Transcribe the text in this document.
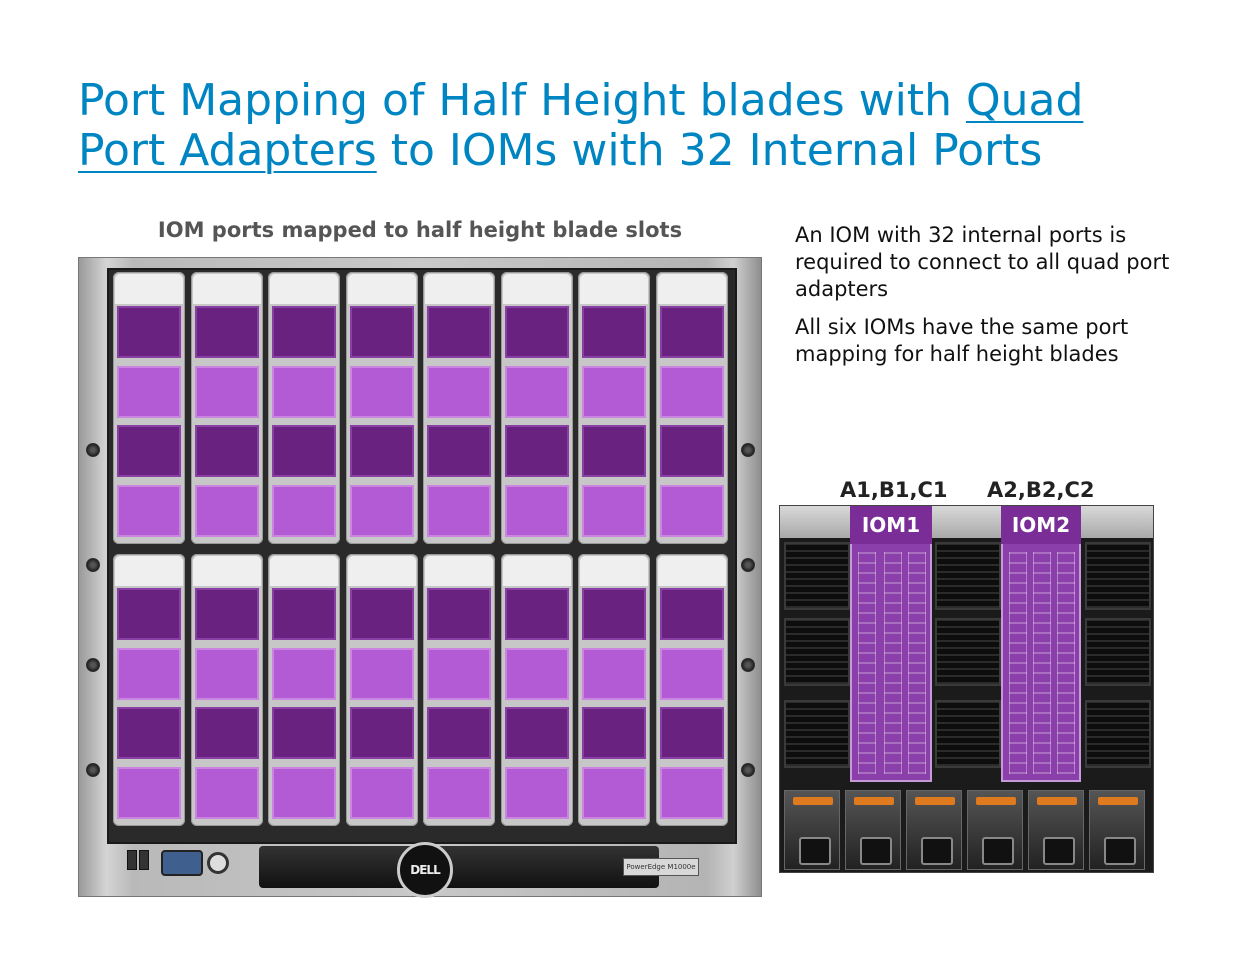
Port Mapping of Half Height blades with Quad Port Adapters to IOMs with 32 Internal Ports
IOM ports mapped to half height blade slots	An IOM with 32 internal ports is required to connect to all quad port adapters

All six IOMs have the same port mapping for half height blades

DELL	PowerEdge M1000e
A1,B1,C1 A2,B2,C2
IOM1	IOM2
